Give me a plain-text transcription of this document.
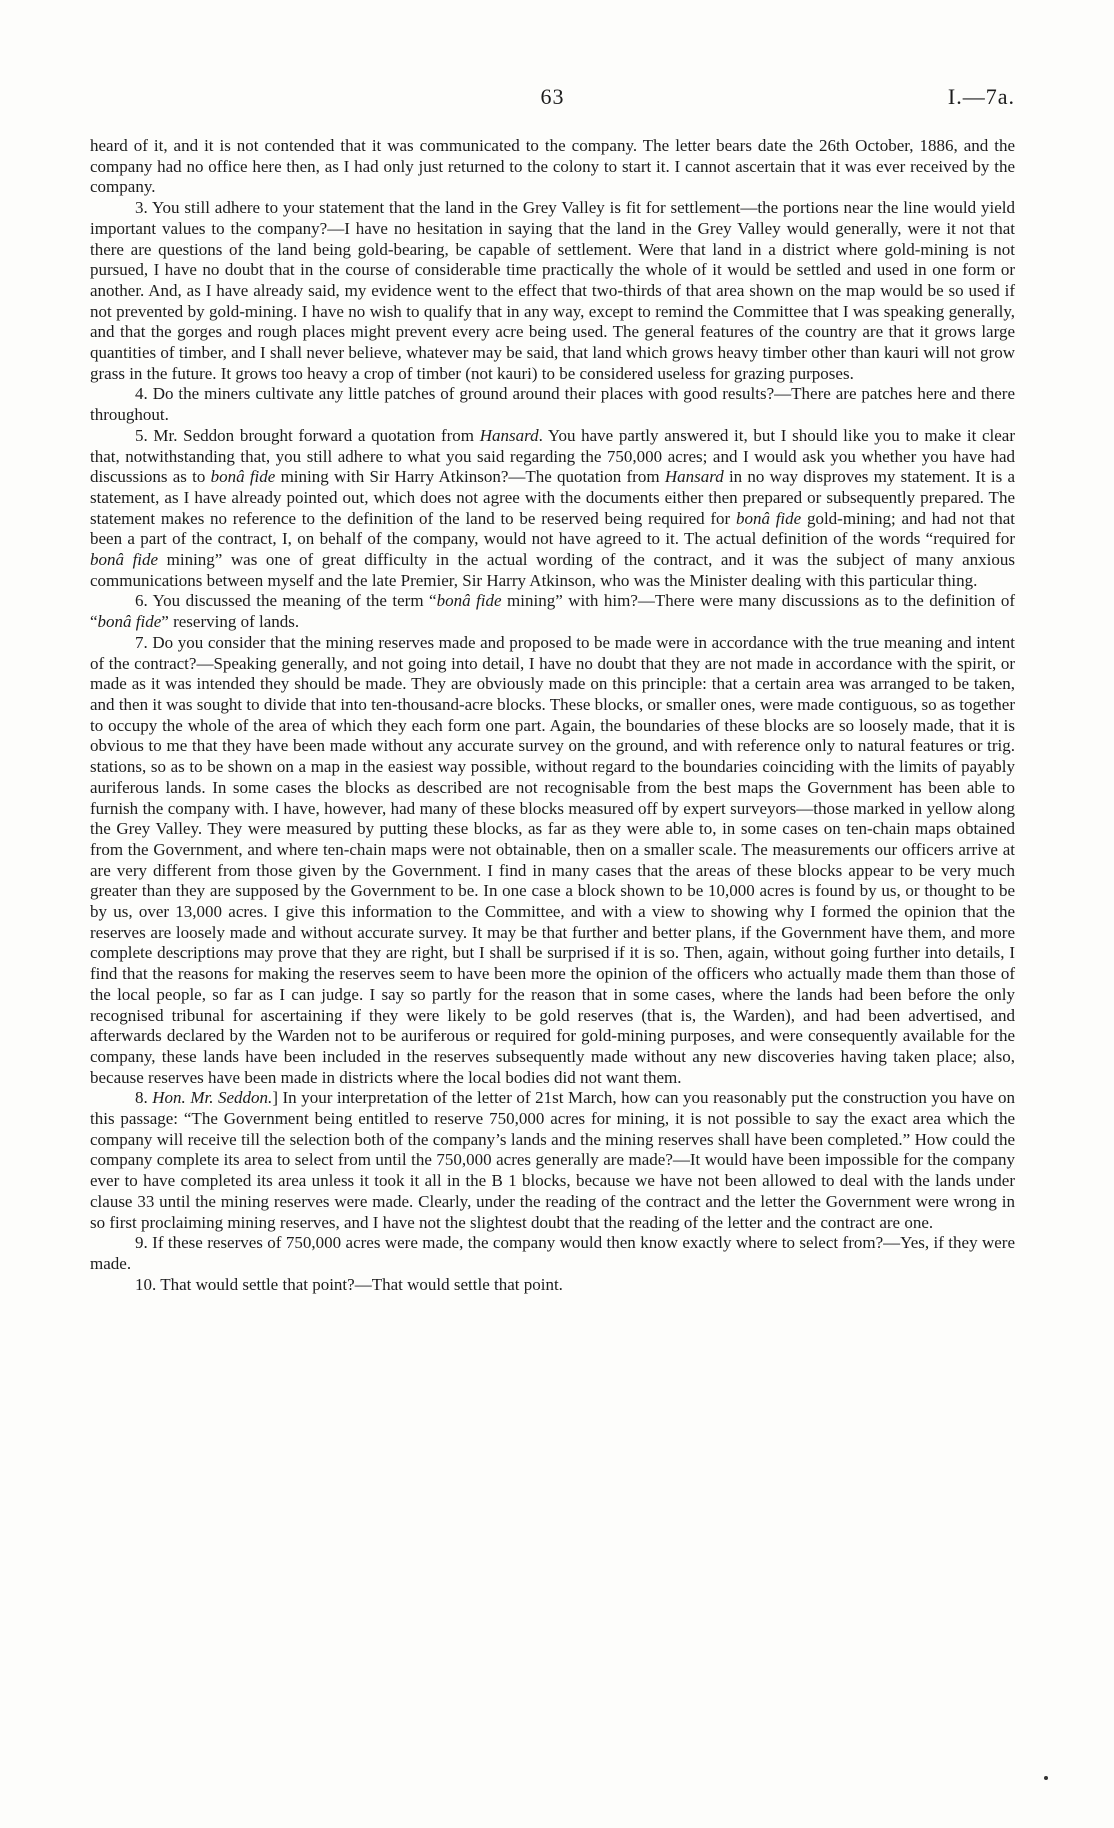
63	I.—7a.

heard of it, and it is not contended that it was communicated to the company. The letter bears date the 26th October, 1886, and the company had no office here then, as I had only just returned to the colony to start it. I cannot ascertain that it was ever received by the company.

3. You still adhere to your statement that the land in the Grey Valley is fit for settlement—the portions near the line would yield important values to the company?—I have no hesitation in saying that the land in the Grey Valley would generally, were it not that there are questions of the land being gold-bearing, be capable of settlement. Were that land in a district where gold-mining is not pursued, I have no doubt that in the course of considerable time practically the whole of it would be settled and used in one form or another. And, as I have already said, my evidence went to the effect that two-thirds of that area shown on the map would be so used if not prevented by gold-mining. I have no wish to qualify that in any way, except to remind the Committee that I was speaking generally, and that the gorges and rough places might prevent every acre being used. The general features of the country are that it grows large quantities of timber, and I shall never believe, whatever may be said, that land which grows heavy timber other than kauri will not grow grass in the future. It grows too heavy a crop of timber (not kauri) to be considered useless for grazing purposes.

4. Do the miners cultivate any little patches of ground around their places with good results?—There are patches here and there throughout.

5. Mr. Seddon brought forward a quotation from Hansard. You have partly answered it, but I should like you to make it clear that, notwithstanding that, you still adhere to what you said regarding the 750,000 acres; and I would ask you whether you have had discussions as to bonâ fide mining with Sir Harry Atkinson?—The quotation from Hansard in no way disproves my statement. It is a statement, as I have already pointed out, which does not agree with the documents either then prepared or subsequently prepared. The statement makes no reference to the definition of the land to be reserved being required for bonâ fide gold-mining; and had not that been a part of the contract, I, on behalf of the company, would not have agreed to it. The actual definition of the words “required for bonâ fide mining” was one of great difficulty in the actual wording of the contract, and it was the subject of many anxious communications between myself and the late Premier, Sir Harry Atkinson, who was the Minister dealing with this particular thing.

6. You discussed the meaning of the term “bonâ fide mining” with him?—There were many discussions as to the definition of “bonâ fide” reserving of lands.

7. Do you consider that the mining reserves made and proposed to be made were in accordance with the true meaning and intent of the contract?—Speaking generally, and not going into detail, I have no doubt that they are not made in accordance with the spirit, or made as it was intended they should be made. They are obviously made on this principle: that a certain area was arranged to be taken, and then it was sought to divide that into ten-thousand-acre blocks. These blocks, or smaller ones, were made contiguous, so as together to occupy the whole of the area of which they each form one part. Again, the boundaries of these blocks are so loosely made, that it is obvious to me that they have been made without any accurate survey on the ground, and with reference only to natural features or trig. stations, so as to be shown on a map in the easiest way possible, without regard to the boundaries coinciding with the limits of payably auriferous lands. In some cases the blocks as described are not recognisable from the best maps the Government has been able to furnish the company with. I have, however, had many of these blocks measured off by expert surveyors—those marked in yellow along the Grey Valley. They were measured by putting these blocks, as far as they were able to, in some cases on ten-chain maps obtained from the Government, and where ten-chain maps were not obtainable, then on a smaller scale. The measurements our officers arrive at are very different from those given by the Government. I find in many cases that the areas of these blocks appear to be very much greater than they are supposed by the Government to be. In one case a block shown to be 10,000 acres is found by us, or thought to be by us, over 13,000 acres. I give this information to the Committee, and with a view to showing why I formed the opinion that the reserves are loosely made and without accurate survey. It may be that further and better plans, if the Government have them, and more complete descriptions may prove that they are right, but I shall be surprised if it is so. Then, again, without going further into details, I find that the reasons for making the reserves seem to have been more the opinion of the officers who actually made them than those of the local people, so far as I can judge. I say so partly for the reason that in some cases, where the lands had been before the only recognised tribunal for ascertaining if they were likely to be gold reserves (that is, the Warden), and had been advertised, and afterwards declared by the Warden not to be auriferous or required for gold-mining purposes, and were consequently available for the company, these lands have been included in the reserves subsequently made without any new discoveries having taken place; also, because reserves have been made in districts where the local bodies did not want them.

8. Hon. Mr. Seddon.] In your interpretation of the letter of 21st March, how can you reasonably put the construction you have on this passage: “The Government being entitled to reserve 750,000 acres for mining, it is not possible to say the exact area which the company will receive till the selection both of the company’s lands and the mining reserves shall have been completed.” How could the company complete its area to select from until the 750,000 acres generally are made?—It would have been impossible for the company ever to have completed its area unless it took it all in the B 1 blocks, because we have not been allowed to deal with the lands under clause 33 until the mining reserves were made. Clearly, under the reading of the contract and the letter the Government were wrong in so first proclaiming mining reserves, and I have not the slightest doubt that the reading of the letter and the contract are one.

9. If these reserves of 750,000 acres were made, the company would then know exactly where to select from?—Yes, if they were made.

10. That would settle that point?—That would settle that point.
